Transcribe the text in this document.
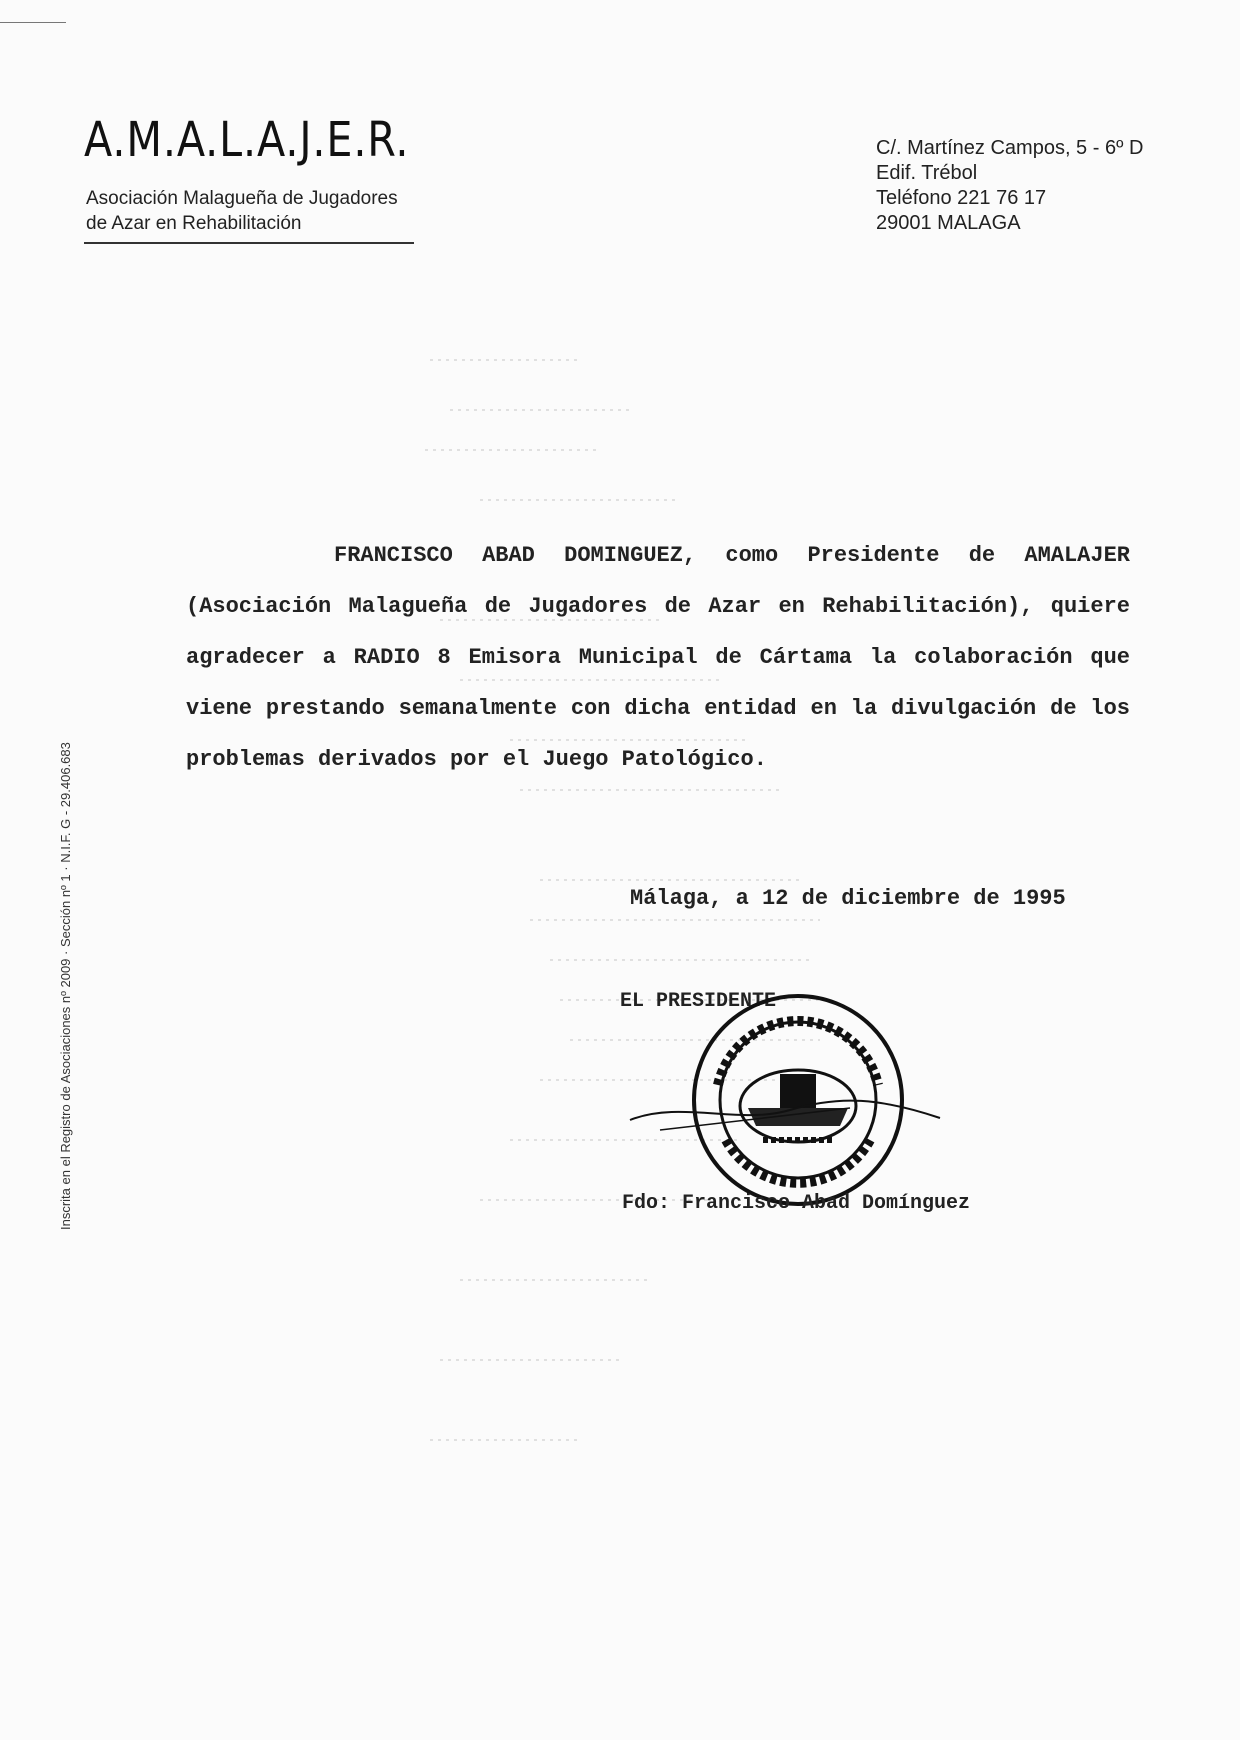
A.M.A.L.A.J.E.R.
Asociación Malagueña de Jugadores
de Azar en Rehabilitación
C/. Martínez Campos, 5 - 6º D
Edif. Trébol
Teléfono 221 76 17
29001 MALAGA
Inscrita en el Registro de Asociaciones nº 2009 · Sección nº 1 · N.I.F. G - 29.406.683

FRANCISCO ABAD DOMINGUEZ, como Presidente de AMALAJER (Asociación Malagueña de Jugadores de Azar en Rehabilitación), quiere agradecer a RADIO 8 Emisora Municipal de Cártama la colaboración que viene prestando semanalmente con dicha entidad en la divulgación de los problemas derivados por el Juego Patológico.

Málaga, a 12 de diciembre de 1995
EL PRESIDENTE
Fdo: Francisco Abad Domínguez
